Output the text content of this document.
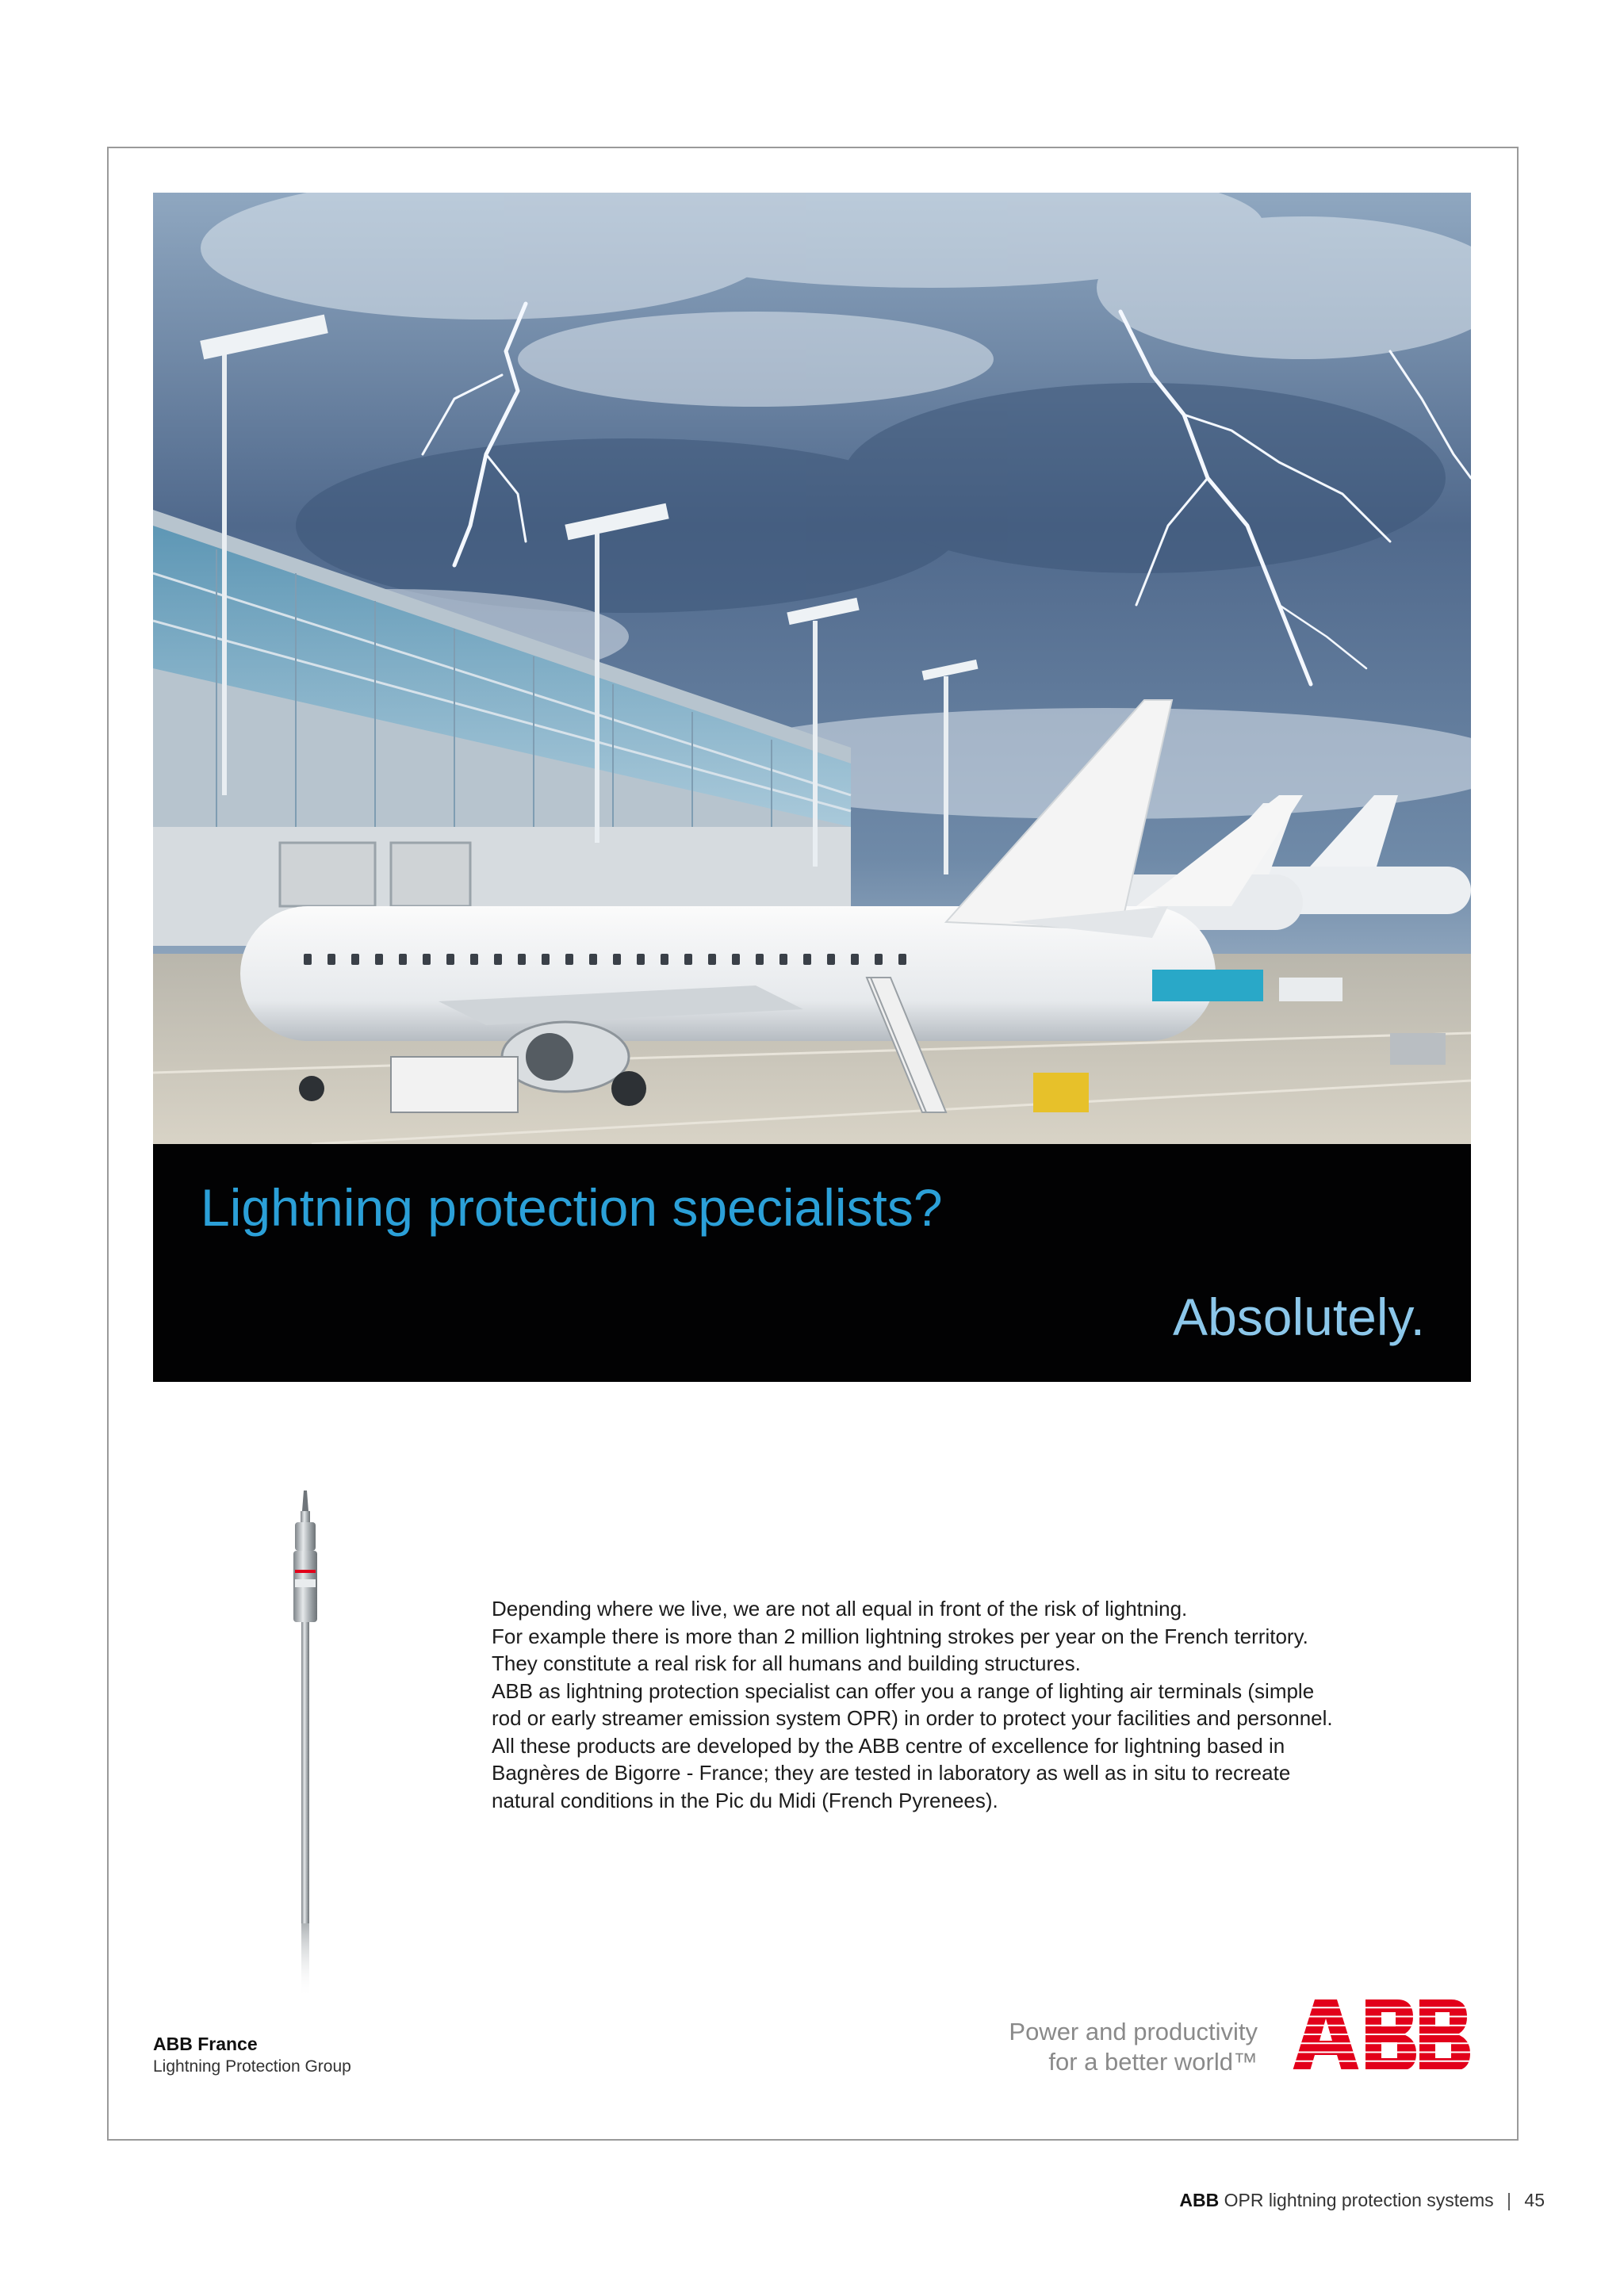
Lightning protection specialists?
Absolutely.

Depending where we live, we are not all equal in front of the risk of lightning.

For example there is more than 2 million lightning strokes per year on the French territory.

They constitute a real risk for all humans and building structures.

ABB as lightning protection specialist can offer you a range of lighting air terminals (simple

rod or early streamer emission system OPR) in order to protect your facilities and personnel.

All these products are developed by the ABB centre of excellence for lightning based in

Bagnères de Bigorre - France; they are tested in laboratory as well as in situ to recreate

natural conditions in the Pic du Midi (French Pyrenees).

ABB France
Lightning Protection Group
Power and productivity
for a better world™
ABB OPR lightning protection systems | 45
